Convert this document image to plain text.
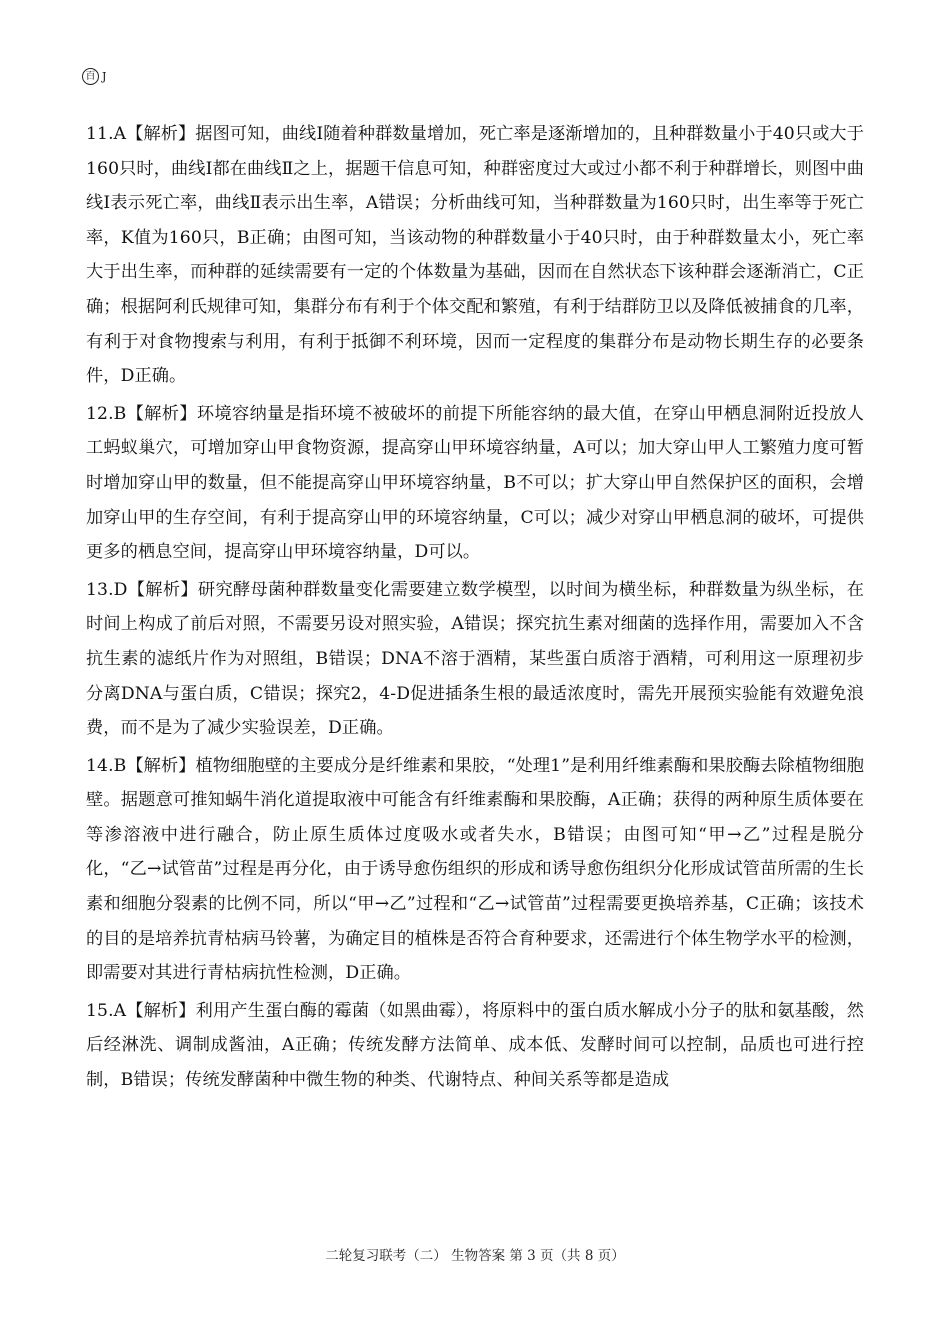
百 J

11.A【解析】据图可知，曲线Ⅰ随着种群数量增加，死亡率是逐渐增加的，且种群数量小于40只或大于160只时，曲线Ⅰ都在曲线Ⅱ之上，据题干信息可知，种群密度过大或过小都不利于种群增长，则图中曲线Ⅰ表示死亡率，曲线Ⅱ表示出生率，A错误；分析曲线可知，当种群数量为160只时，出生率等于死亡率，K值为160只，B正确；由图可知，当该动物的种群数量小于40只时，由于种群数量太小，死亡率大于出生率，而种群的延续需要有一定的个体数量为基础，因而在自然状态下该种群会逐渐消亡，C正确；根据阿利氏规律可知，集群分布有利于个体交配和繁殖，有利于结群防卫以及降低被捕食的几率，有利于对食物搜索与利用，有利于抵御不利环境，因而一定程度的集群分布是动物长期生存的必要条件，D正确。

12.B【解析】环境容纳量是指环境不被破坏的前提下所能容纳的最大值，在穿山甲栖息洞附近投放人工蚂蚁巢穴，可增加穿山甲食物资源，提高穿山甲环境容纳量，A可以；加大穿山甲人工繁殖力度可暂时增加穿山甲的数量，但不能提高穿山甲环境容纳量，B不可以；扩大穿山甲自然保护区的面积，会增加穿山甲的生存空间，有利于提高穿山甲的环境容纳量，C可以；减少对穿山甲栖息洞的破坏，可提供更多的栖息空间，提高穿山甲环境容纳量，D可以。

13.D【解析】研究酵母菌种群数量变化需要建立数学模型，以时间为横坐标，种群数量为纵坐标，在时间上构成了前后对照，不需要另设对照实验，A错误；探究抗生素对细菌的选择作用，需要加入不含抗生素的滤纸片作为对照组，B错误；DNA不溶于酒精，某些蛋白质溶于酒精，可利用这一原理初步分离DNA与蛋白质，C错误；探究2，4-D促进插条生根的最适浓度时，需先开展预实验能有效避免浪费，而不是为了减少实验误差，D正确。

14.B【解析】植物细胞壁的主要成分是纤维素和果胶，“处理1”是利用纤维素酶和果胶酶去除植物细胞壁。据题意可推知蜗牛消化道提取液中可能含有纤维素酶和果胶酶，A正确；获得的两种原生质体要在等渗溶液中进行融合，防止原生质体过度吸水或者失水，B错误；由图可知“甲→乙”过程是脱分化，“乙→试管苗”过程是再分化，由于诱导愈伤组织的形成和诱导愈伤组织分化形成试管苗所需的生长素和细胞分裂素的比例不同，所以“甲→乙”过程和“乙→试管苗”过程需要更换培养基，C正确；该技术的目的是培养抗青枯病马铃薯，为确定目的植株是否符合育种要求，还需进行个体生物学水平的检测，即需要对其进行青枯病抗性检测，D正确。

15.A【解析】利用产生蛋白酶的霉菌（如黑曲霉），将原料中的蛋白质水解成小分子的肽和氨基酸，然后经淋洗、调制成酱油，A正确；传统发酵方法简单、成本低、发酵时间可以控制，品质也可进行控制，B错误；传统发酵菌种中微生物的种类、代谢特点、种间关系等都是造成

二轮复习联考（二） 生物答案 第 3 页（共 8 页）
